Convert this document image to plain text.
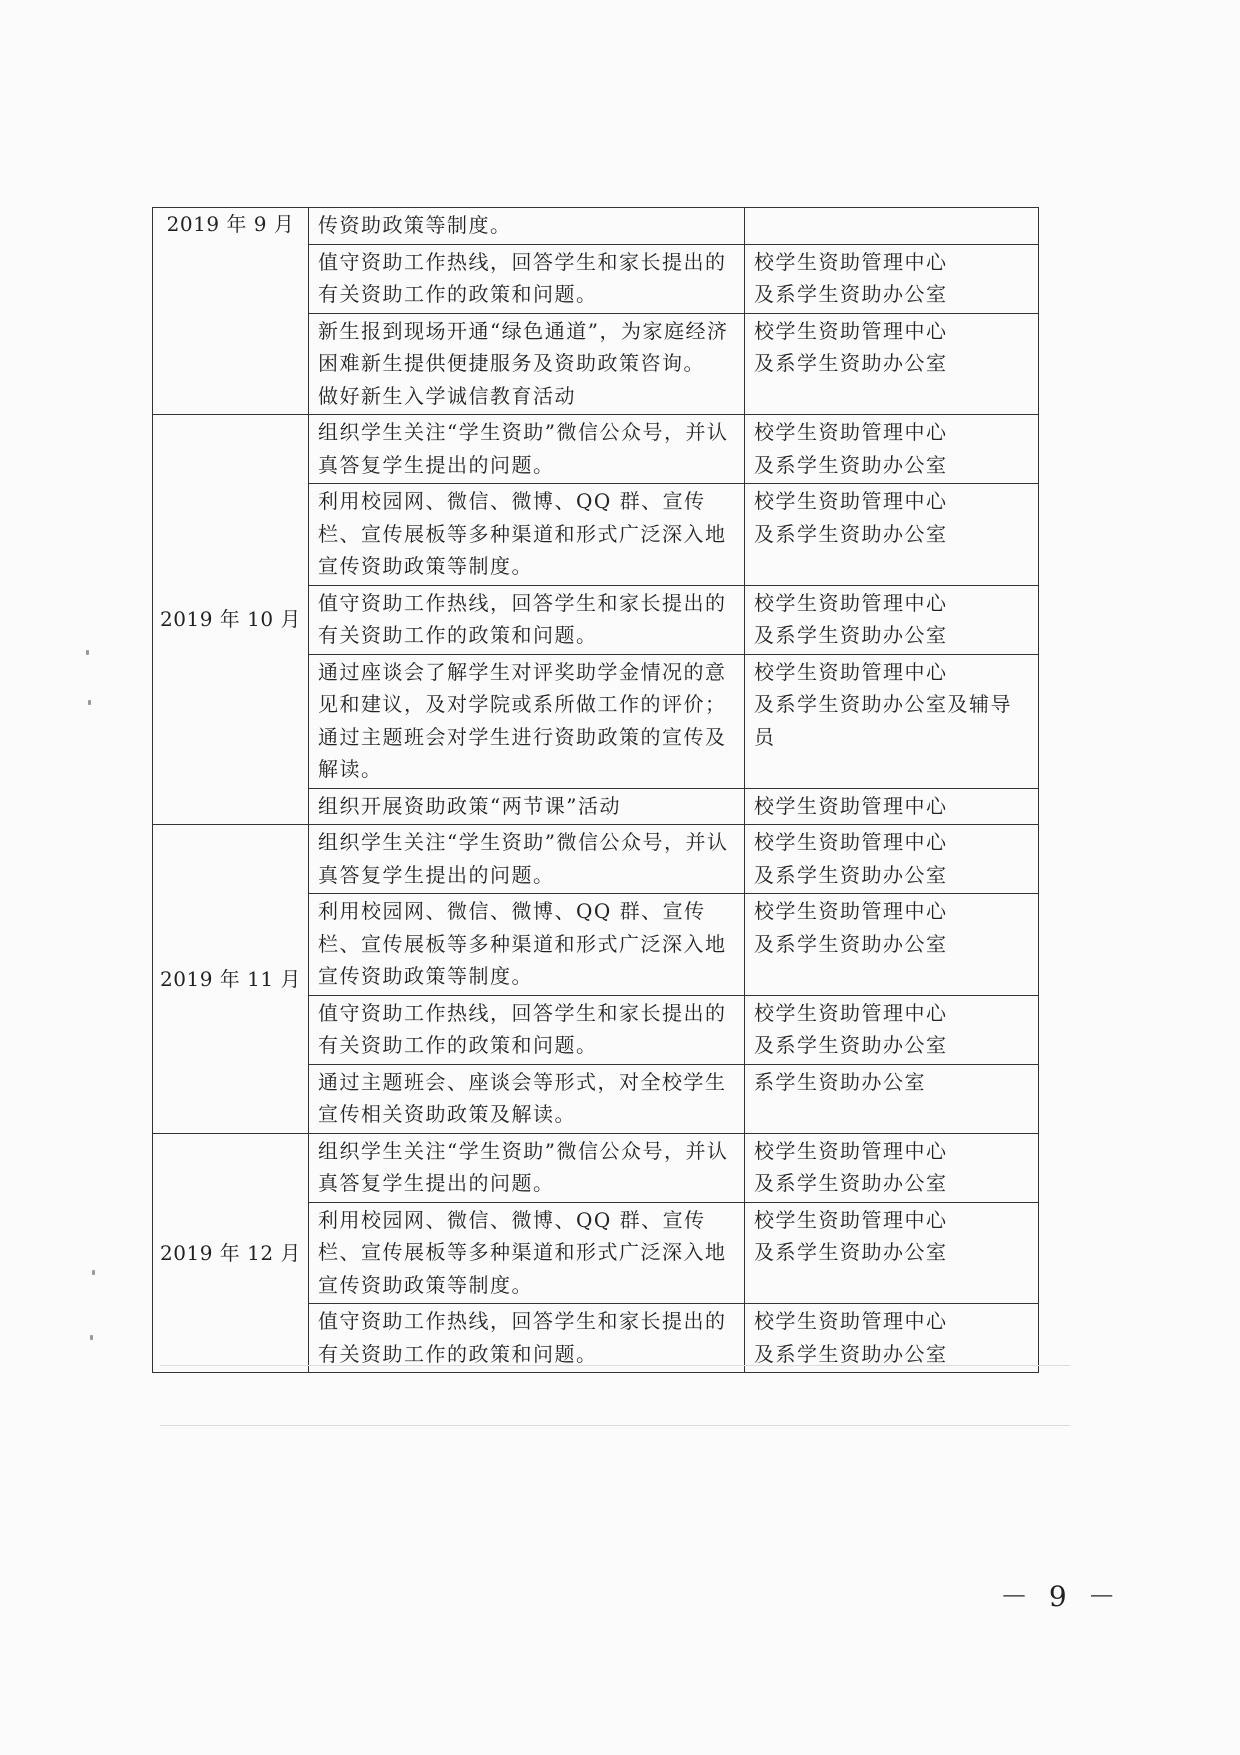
2019 年 9 月	传资助政策等制度。	

	值守资助工作热线，回答学生和家长提出的有关资助工作的政策和问题。	校学生资助管理中心
及系学生资助办公室

	新生报到现场开通“绿色通道”，为家庭经济困难新生提供便捷服务及资助政策咨询。
做好新生入学诚信教育活动	校学生资助管理中心
及系学生资助办公室

2019 年 10 月	组织学生关注“学生资助”微信公众号，并认真答复学生提出的问题。	校学生资助管理中心
及系学生资助办公室

	利用校园网、微信、微博、QQ 群、宣传栏、宣传展板等多种渠道和形式广泛深入地宣传资助政策等制度。	校学生资助管理中心
及系学生资助办公室

	值守资助工作热线，回答学生和家长提出的有关资助工作的政策和问题。	校学生资助管理中心
及系学生资助办公室

	通过座谈会了解学生对评奖助学金情况的意见和建议，及对学院或系所做工作的评价；通过主题班会对学生进行资助政策的宣传及解读。	校学生资助管理中心
及系学生资助办公室及辅导员

	组织开展资助政策“两节课”活动	校学生资助管理中心

2019 年 11 月	组织学生关注“学生资助”微信公众号，并认真答复学生提出的问题。	校学生资助管理中心
及系学生资助办公室

	利用校园网、微信、微博、QQ 群、宣传栏、宣传展板等多种渠道和形式广泛深入地宣传资助政策等制度。	校学生资助管理中心
及系学生资助办公室

	值守资助工作热线，回答学生和家长提出的有关资助工作的政策和问题。	校学生资助管理中心
及系学生资助办公室

	通过主题班会、座谈会等形式，对全校学生宣传相关资助政策及解读。	系学生资助办公室

2019 年 12 月	组织学生关注“学生资助”微信公众号，并认真答复学生提出的问题。	校学生资助管理中心
及系学生资助办公室

	利用校园网、微信、微博、QQ 群、宣传栏、宣传展板等多种渠道和形式广泛深入地宣传资助政策等制度。	校学生资助管理中心
及系学生资助办公室

	值守资助工作热线，回答学生和家长提出的有关资助工作的政策和问题。	校学生资助管理中心
及系学生资助办公室
－ 9 －
